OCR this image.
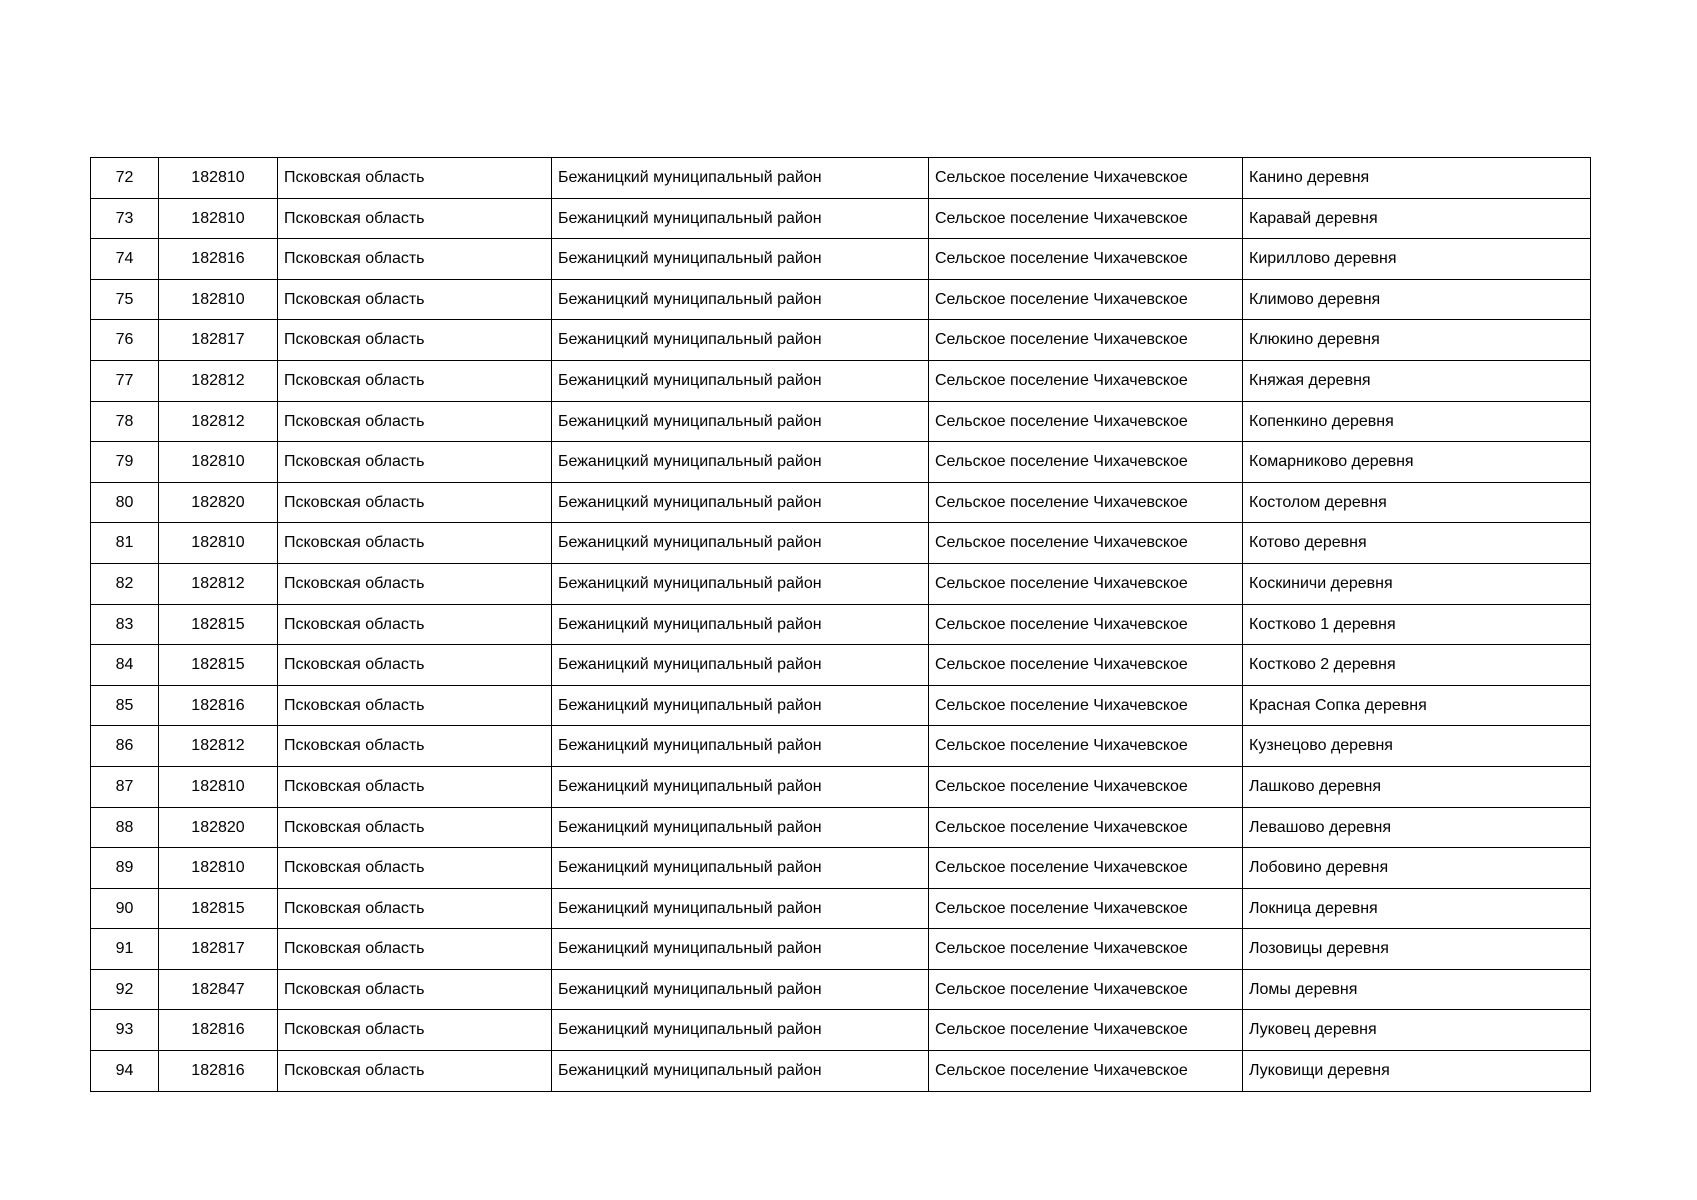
72	182810	Псковская область	Бежаницкий муниципальный район	Сельское поселение Чихачевское	Канино деревня
73	182810	Псковская область	Бежаницкий муниципальный район	Сельское поселение Чихачевское	Каравай деревня
74	182816	Псковская область	Бежаницкий муниципальный район	Сельское поселение Чихачевское	Кириллово деревня
75	182810	Псковская область	Бежаницкий муниципальный район	Сельское поселение Чихачевское	Климово деревня
76	182817	Псковская область	Бежаницкий муниципальный район	Сельское поселение Чихачевское	Клюкино деревня
77	182812	Псковская область	Бежаницкий муниципальный район	Сельское поселение Чихачевское	Княжая деревня
78	182812	Псковская область	Бежаницкий муниципальный район	Сельское поселение Чихачевское	Копенкино деревня
79	182810	Псковская область	Бежаницкий муниципальный район	Сельское поселение Чихачевское	Комарниково деревня
80	182820	Псковская область	Бежаницкий муниципальный район	Сельское поселение Чихачевское	Костолом деревня
81	182810	Псковская область	Бежаницкий муниципальный район	Сельское поселение Чихачевское	Котово деревня
82	182812	Псковская область	Бежаницкий муниципальный район	Сельское поселение Чихачевское	Коскиничи деревня
83	182815	Псковская область	Бежаницкий муниципальный район	Сельское поселение Чихачевское	Костково 1 деревня
84	182815	Псковская область	Бежаницкий муниципальный район	Сельское поселение Чихачевское	Костково 2 деревня
85	182816	Псковская область	Бежаницкий муниципальный район	Сельское поселение Чихачевское	Красная Сопка деревня
86	182812	Псковская область	Бежаницкий муниципальный район	Сельское поселение Чихачевское	Кузнецово деревня
87	182810	Псковская область	Бежаницкий муниципальный район	Сельское поселение Чихачевское	Лашково деревня
88	182820	Псковская область	Бежаницкий муниципальный район	Сельское поселение Чихачевское	Левашово деревня
89	182810	Псковская область	Бежаницкий муниципальный район	Сельское поселение Чихачевское	Лобовино деревня
90	182815	Псковская область	Бежаницкий муниципальный район	Сельское поселение Чихачевское	Локница деревня
91	182817	Псковская область	Бежаницкий муниципальный район	Сельское поселение Чихачевское	Лозовицы деревня
92	182847	Псковская область	Бежаницкий муниципальный район	Сельское поселение Чихачевское	Ломы деревня
93	182816	Псковская область	Бежаницкий муниципальный район	Сельское поселение Чихачевское	Луковец деревня
94	182816	Псковская область	Бежаницкий муниципальный район	Сельское поселение Чихачевское	Луковищи деревня
